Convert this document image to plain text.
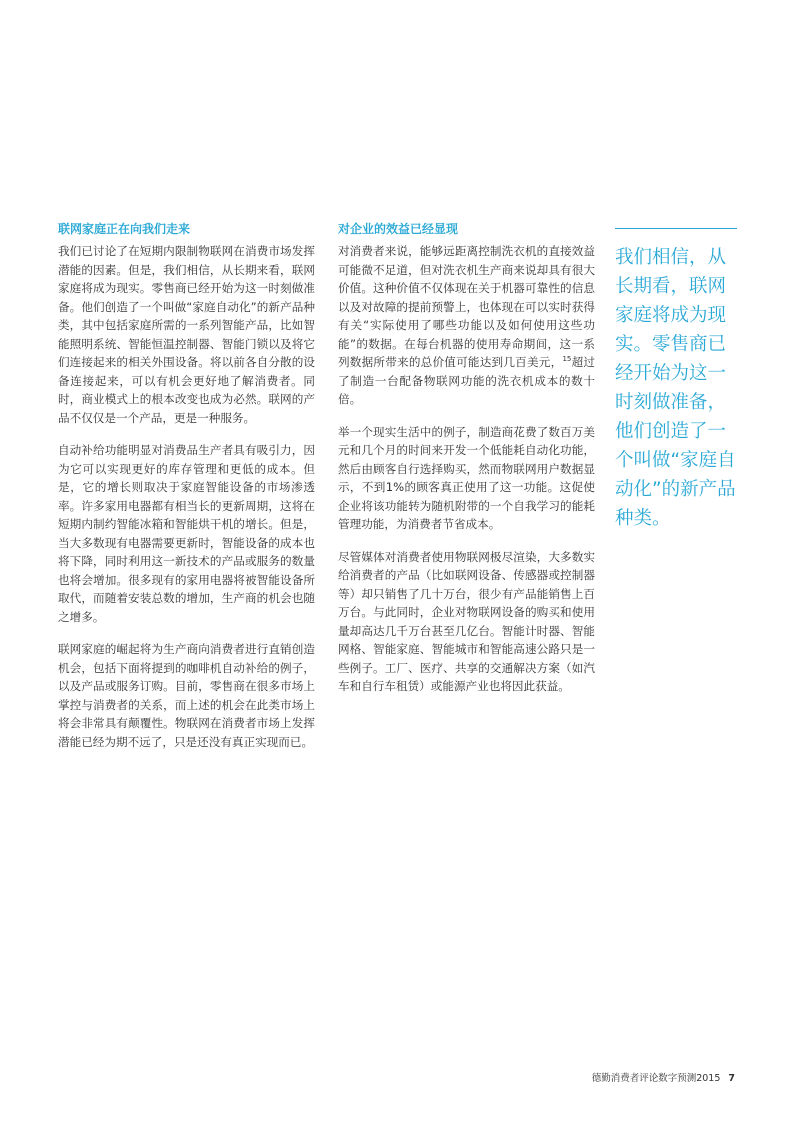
联网家庭正在向我们走来

我们已讨论了在短期内限制物联网在消费市场发挥潜能的因素。但是，我们相信，从长期来看，联网家庭将成为现实。零售商已经开始为这一时刻做准备。他们创造了一个叫做“家庭自动化”的新产品种类，其中包括家庭所需的一系列智能产品，比如智能照明系统、智能恒温控制器、智能门锁以及将它们连接起来的相关外围设备。将以前各自分散的设备连接起来，可以有机会更好地了解消费者。同时，商业模式上的根本改变也成为必然。联网的产品不仅仅是一个产品，更是一种服务。

自动补给功能明显对消费品生产者具有吸引力，因为它可以实现更好的库存管理和更低的成本。但是，它的增长则取决于家庭智能设备的市场渗透率。许多家用电器都有相当长的更新周期，这将在短期内制约智能冰箱和智能烘干机的增长。但是，当大多数现有电器需要更新时，智能设备的成本也将下降，同时利用这一新技术的产品或服务的数量也将会增加。很多现有的家用电器将被智能设备所取代，而随着安装总数的增加，生产商的机会也随之增多。

联网家庭的崛起将为生产商向消费者进行直销创造机会，包括下面将提到的咖啡机自动补给的例子，以及产品或服务订购。目前，零售商在很多市场上掌控与消费者的关系，而上述的机会在此类市场上将会非常具有颠覆性。物联网在消费者市场上发挥潜能已经为期不远了，只是还没有真正实现而已。

对企业的效益已经显现

对消费者来说，能够远距离控制洗衣机的直接效益可能微不足道，但对洗衣机生产商来说却具有很大价值。这种价值不仅体现在关于机器可靠性的信息以及对故障的提前预警上，也体现在可以实时获得有关“实际使用了哪些功能以及如何使用这些功能”的数据。在每台机器的使用寿命期间，这一系列数据所带来的总价值可能达到几百美元，$^{15}$超过了制造一台配备物联网功能的洗衣机成本的数十倍。

举一个现实生活中的例子，制造商花费了数百万美元和几个月的时间来开发一个低能耗自动化功能，然后由顾客自行选择购买，然而物联网用户数据显示，不到1%的顾客真正使用了这一功能。这促使企业将该功能转为随机附带的一个自我学习的能耗管理功能，为消费者节省成本。

尽管媒体对消费者使用物联网极尽渲染，大多数实给消费者的产品（比如联网设备、传感器或控制器等）却只销售了几十万台，很少有产品能销售上百万台。与此同时，企业对物联网设备的购买和使用量却高达几千万台甚至几亿台。智能计时器、智能网格、智能家庭、智能城市和智能高速公路只是一些例子。工厂、医疗、共享的交通解决方案（如汽车和自行车租赁）或能源产业也将因此获益。

我们相信，从长期看，联网家庭将成为现实。零售商已经开始为这一时刻做准备，他们创造了一个叫做“家庭自动化”的新产品种类。

德勤消费者评论数字预测2015 7
